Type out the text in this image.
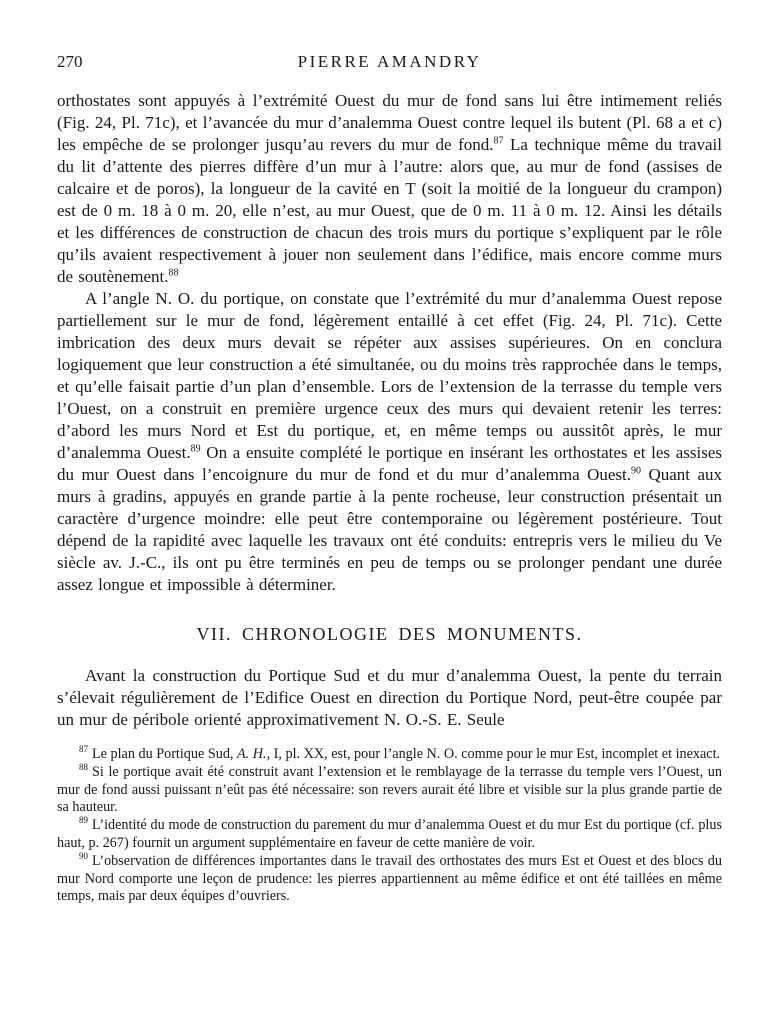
270	PIERRE AMANDRY

orthostates sont appuyés à l’extrémité Ouest du mur de fond sans lui être intimement reliés (Fig. 24, Pl. 71c), et l’avancée du mur d’analemma Ouest contre lequel ils butent (Pl. 68 a et c) les empêche de se prolonger jusqu’au revers du mur de fond.$^{87}$ La technique même du travail du lit d’attente des pierres diffère d’un mur à l’autre: alors que, au mur de fond (assises de calcaire et de poros), la longueur de la cavité en T (soit la moitié de la longueur du crampon) est de 0 m. 18 à 0 m. 20, elle n’est, au mur Ouest, que de 0 m. 11 à 0 m. 12. Ainsi les détails et les différences de construction de chacun des trois murs du portique s’expliquent par le rôle qu’ils avaient respectivement à jouer non seulement dans l’édifice, mais encore comme murs de soutènement.$^{88}$

A l’angle N. O. du portique, on constate que l’extrémité du mur d’analemma Ouest repose partiellement sur le mur de fond, légèrement entaillé à cet effet (Fig. 24, Pl. 71c). Cette imbrication des deux murs devait se répéter aux assises supérieures. On en conclura logiquement que leur construction a été simultanée, ou du moins très rapprochée dans le temps, et qu’elle faisait partie d’un plan d’ensemble. Lors de l’extension de la terrasse du temple vers l’Ouest, on a construit en première urgence ceux des murs qui devaient retenir les terres: d’abord les murs Nord et Est du portique, et, en même temps ou aussitôt après, le mur d’analemma Ouest.$^{89}$ On a ensuite complété le portique en insérant les orthostates et les assises du mur Ouest dans l’encoignure du mur de fond et du mur d’analemma Ouest.$^{90}$ Quant aux murs à gradins, appuyés en grande partie à la pente rocheuse, leur construction présentait un caractère d’urgence moindre: elle peut être contemporaine ou légèrement postérieure. Tout dépend de la rapidité avec laquelle les travaux ont été conduits: entrepris vers le milieu du Ve siècle av. J.-C., ils ont pu être terminés en peu de temps ou se prolonger pendant une durée assez longue et impossible à déterminer.

VII. CHRONOLOGIE DES MONUMENTS.

Avant la construction du Portique Sud et du mur d’analemma Ouest, la pente du terrain s’élevait régulièrement de l’Edifice Ouest en direction du Portique Nord, peut-être coupée par un mur de péribole orienté approximativement N. O.-S. E. Seule

$^{87}$ Le plan du Portique Sud, A. H., I, pl. XX, est, pour l’angle N. O. comme pour le mur Est, incomplet et inexact.

$^{88}$ Si le portique avait été construit avant l’extension et le remblayage de la terrasse du temple vers l’Ouest, un mur de fond aussi puissant n’eût pas été nécessaire: son revers aurait été libre et visible sur la plus grande partie de sa hauteur.

$^{89}$ L’identité du mode de construction du parement du mur d’analemma Ouest et du mur Est du portique (cf. plus haut, p. 267) fournit un argument supplémentaire en faveur de cette manière de voir.

$^{90}$ L’observation de différences importantes dans le travail des orthostates des murs Est et Ouest et des blocs du mur Nord comporte une leçon de prudence: les pierres appartiennent au même édifice et ont été taillées en même temps, mais par deux équipes d’ouvriers.
